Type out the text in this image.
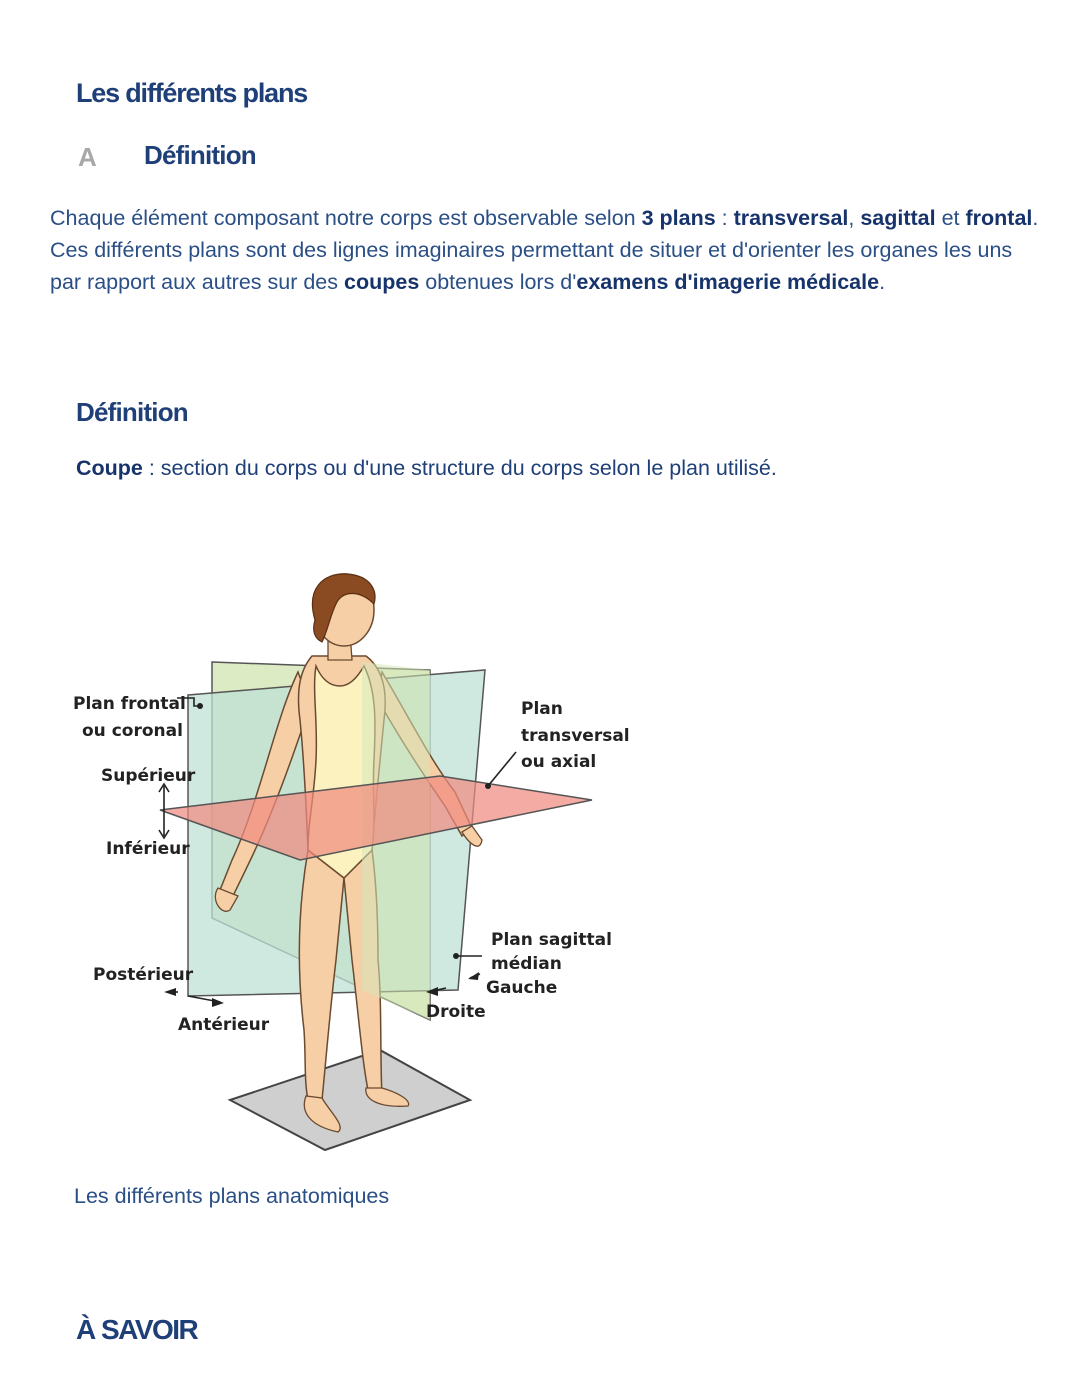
Les différents plans
A Définition
Chaque élément composant notre corps est observable selon 3 plans : transversal, sagittal et frontal. Ces différents plans sont des lignes imaginaires permettant de situer et d'orienter les organes les uns par rapport aux autres sur des coupes obtenues lors d'examens d'imagerie médicale.
Définition
Coupe : section du corps ou d'une structure du corps selon le plan utilisé.
Plan frontal
ou coronal
Supérieur
Inférieur
Postérieur
Antérieur
Droite
Gauche
Plan
transversal
ou axial
Plan sagittal
médian
Les différents plans anatomiques
À SAVOIR
